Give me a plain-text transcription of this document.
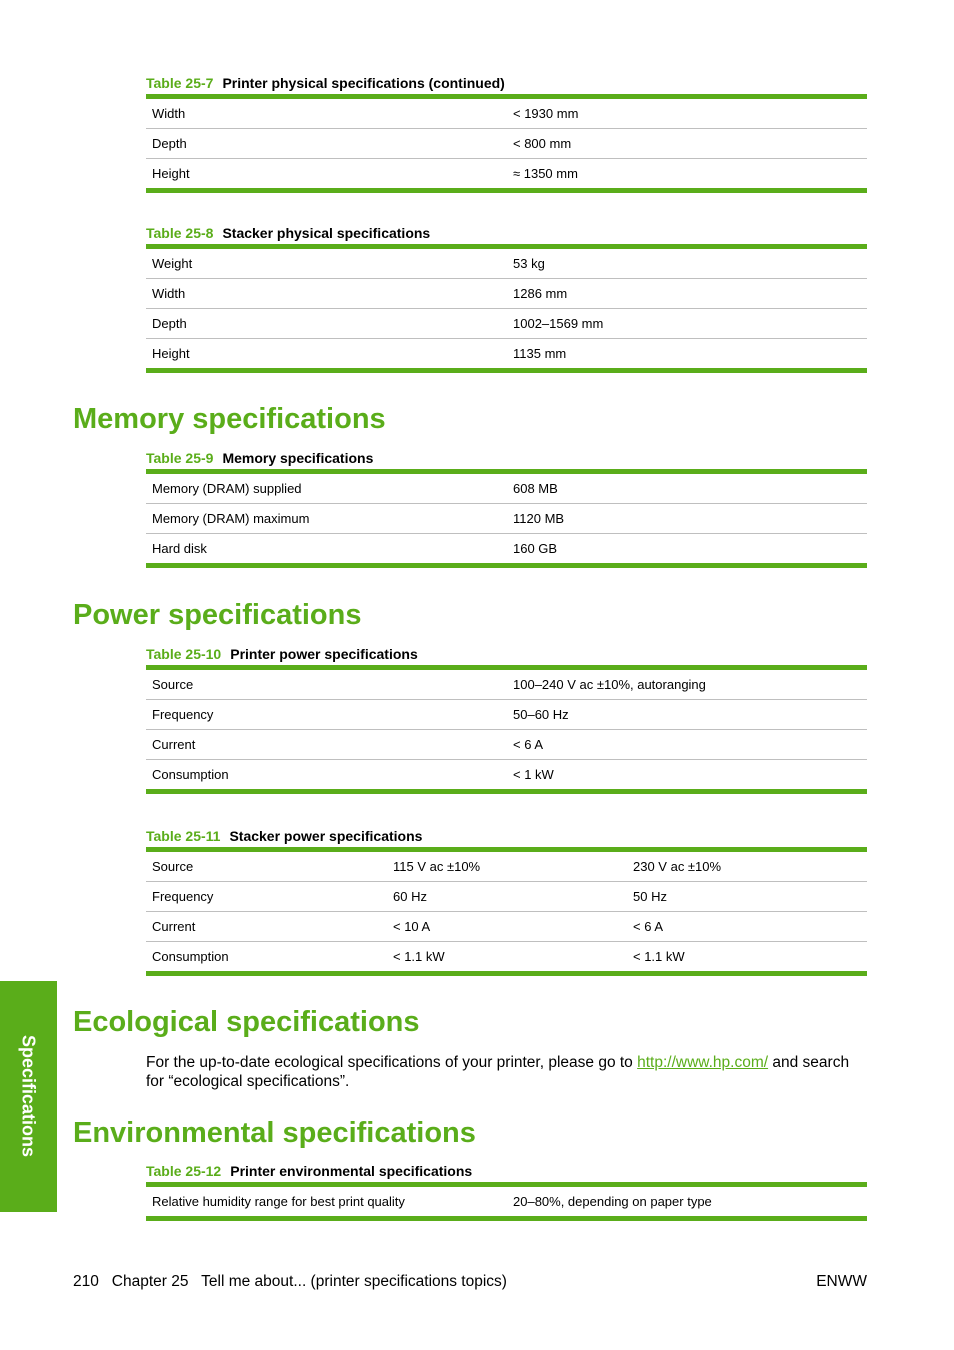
Table 25-7 Printer physical specifications (continued)
Width	< 1930 mm
Depth	< 800 mm
Height	≈ 1350 mm
Table 25-8 Stacker physical specifications
Weight	53 kg
Width	1286 mm
Depth	1002–1569 mm
Height	1135 mm
Memory specifications
Table 25-9 Memory specifications
Memory (DRAM) supplied	608 MB
Memory (DRAM) maximum	1120 MB
Hard disk	160 GB
Power specifications
Table 25-10 Printer power specifications
Source	100–240 V ac ±10%, autoranging
Frequency	50–60 Hz
Current	< 6 A
Consumption	< 1 kW
Table 25-11 Stacker power specifications
Source	115 V ac ±10%	230 V ac ±10%
Frequency	60 Hz	50 Hz
Current	< 10 A	< 6 A
Consumption	< 1.1 kW	< 1.1 kW
Specifications
Ecological specifications
For the up-to-date ecological specifications of your printer, please go to http://www.hp.com/ and search for “ecological specifications”.
Environmental specifications
Table 25-12 Printer environmental specifications
Relative humidity range for best print quality	20–80%, depending on paper type
210 Chapter 25 Tell me about... (printer specifications topics)	ENWW
